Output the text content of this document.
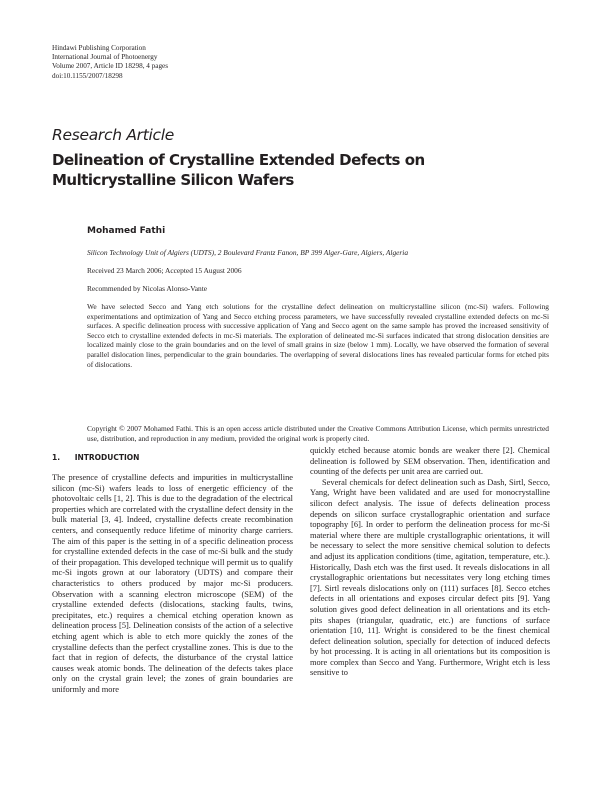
Hindawi Publishing Corporation
International Journal of Photoenergy
Volume 2007, Article ID 18298, 4 pages
doi:10.1155/2007/18298
Research Article
Delineation of Crystalline Extended Defects on
Multicrystalline Silicon Wafers
Mohamed Fathi
Silicon Technology Unit of Algiers (UDTS), 2 Boulevard Frantz Fanon, BP 399 Alger-Gare, Algiers, Algeria
Received 23 March 2006; Accepted 15 August 2006
Recommended by Nicolas Alonso-Vante
We have selected Secco and Yang etch solutions for the crystalline defect delineation on multicrystalline silicon (mc-Si) wafers. Following experimentations and optimization of Yang and Secco etching process parameters, we have successfully revealed crystalline extended defects on mc-Si surfaces. A specific delineation process with successive application of Yang and Secco agent on the same sample has proved the increased sensitivity of Secco etch to crystalline extended defects in mc-Si materials. The exploration of delineated mc-Si surfaces indicated that strong dislocation densities are localized mainly close to the grain boundaries and on the level of small grains in size (below 1 mm). Locally, we have observed the formation of several parallel dislocation lines, perpendicular to the grain boundaries. The overlapping of several dislocations lines has revealed particular forms for etched pits of dislocations.
Copyright © 2007 Mohamed Fathi. This is an open access article distributed under the Creative Commons Attribution License, which permits unrestricted use, distribution, and reproduction in any medium, provided the original work is properly cited.
1. INTRODUCTION

The presence of crystalline defects and impurities in multicrystalline silicon (mc-Si) wafers leads to loss of energetic efficiency of the photovoltaic cells [1, 2]. This is due to the degradation of the electrical properties which are correlated with the crystalline defect density in the bulk material [3, 4]. Indeed, crystalline defects create recombination centers, and consequently reduce lifetime of minority charge carriers. The aim of this paper is the setting in of a specific delineation process for crystalline extended defects in the case of mc-Si bulk and the study of their propagation. This developed technique will permit us to qualify mc-Si ingots grown at our laboratory (UDTS) and compare their characteristics to others produced by major mc-Si producers. Observation with a scanning electron microscope (SEM) of the crystalline extended defects (dislocations, stacking faults, twins, precipitates, etc.) requires a chemical etching operation known as delineation process [5]. Delineation consists of the action of a selective etching agent which is able to etch more quickly the zones of the crystalline defects than the perfect crystalline zones. This is due to the fact that in region of defects, the disturbance of the crystal lattice causes weak atomic bonds. The delineation of the defects takes place only on the crystal grain level; the zones of grain boundaries are uniformly and more

quickly etched because atomic bonds are weaker there [2]. Chemical delineation is followed by SEM observation. Then, identification and counting of the defects per unit area are carried out.

Several chemicals for defect delineation such as Dash, Sirtl, Secco, Yang, Wright have been validated and are used for monocrystalline silicon defect analysis. The issue of defects delineation process depends on silicon surface crystallographic orientation and surface topography [6]. In order to perform the delineation process for mc-Si material where there are multiple crystallographic orientations, it will be necessary to select the more sensitive chemical solution to defects and adjust its application conditions (time, agitation, temperature, etc.). Historically, Dash etch was the first used. It reveals dislocations in all crystallographic orientations but necessitates very long etching times [7]. Sirtl reveals dislocations only on (111) surfaces [8]. Secco etches defects in all orientations and exposes circular defect pits [9]. Yang solution gives good defect delineation in all orientations and its etch-pits shapes (triangular, quadratic, etc.) are functions of surface orientation [10, 11]. Wright is considered to be the finest chemical defect delineation solution, specially for detection of induced defects by hot processing. It is acting in all orientations but its composition is more complex than Secco and Yang. Furthermore, Wright etch is less sensitive to
